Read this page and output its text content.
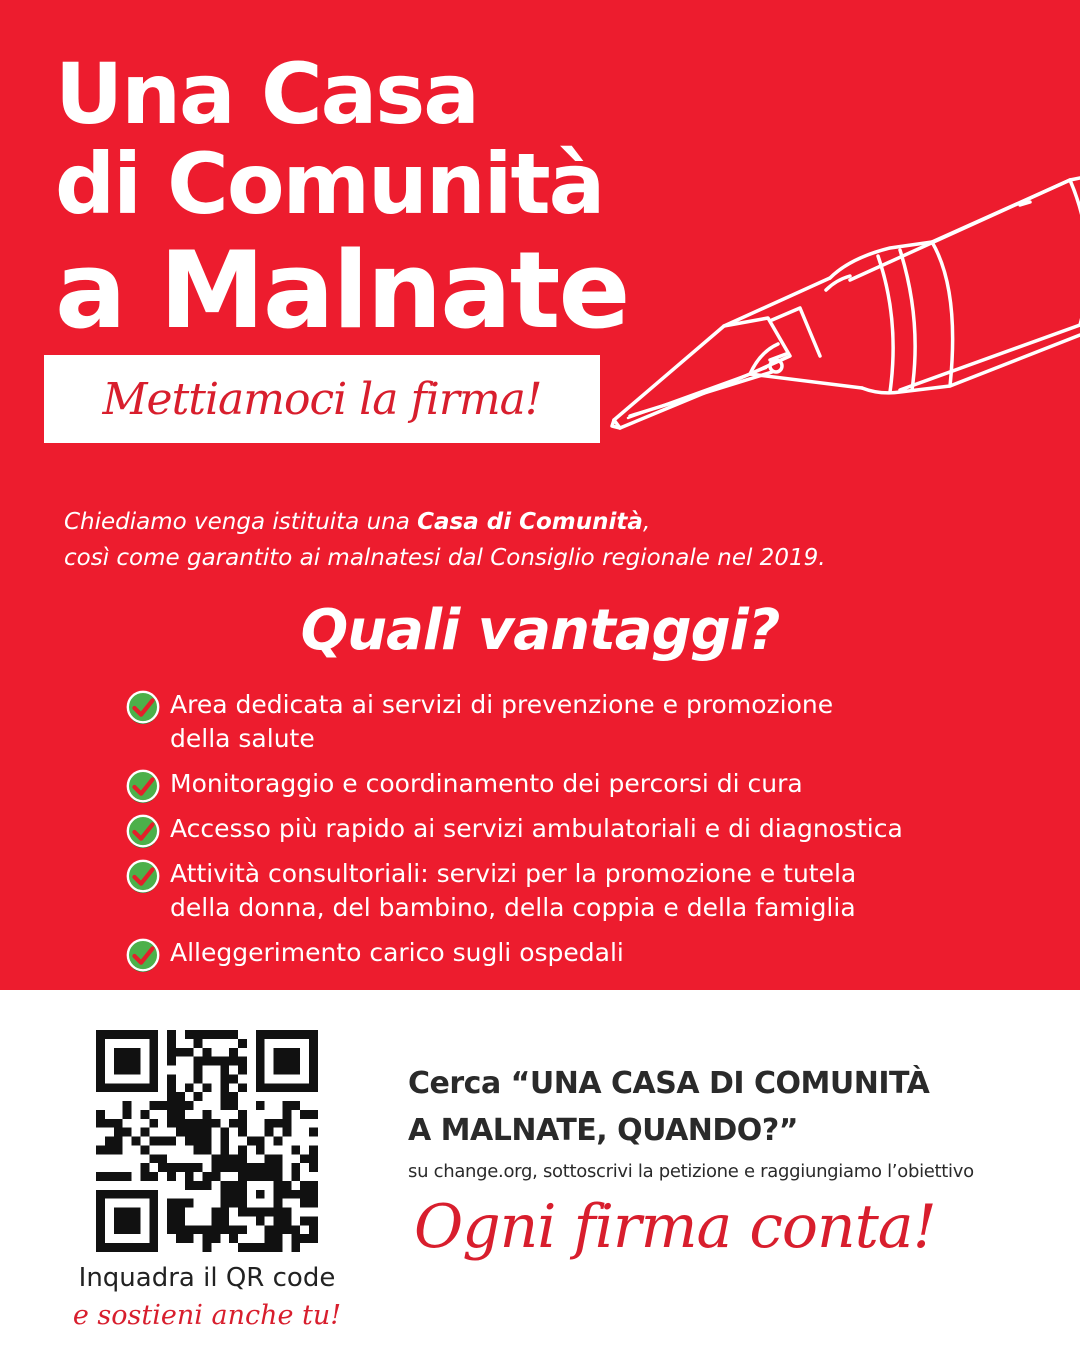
Una Casa
di Comunità
a Malnate
Mettiamoci la firma!
Chiediamo venga istituita una Casa di Comunità,
così come garantito ai malnatesi dal Consiglio regionale nel 2019.
Quali vantaggi?
Area dedicata ai servizi di prevenzione e promozione
della salute
Monitoraggio e coordinamento dei percorsi di cura
Accesso più rapido ai servizi ambulatoriali e di diagnostica
Attività consultoriali: servizi per la promozione e tutela
della donna, del bambino, della coppia e della famiglia
Alleggerimento carico sugli ospedali
Inquadra il QR code
e sostieni anche tu!
Cerca “UNA CASA DI COMUNITÀ
A MALNATE, QUANDO?”
su change.org, sottoscrivi la petizione e raggiungiamo l’obiettivo
Ogni firma conta!
